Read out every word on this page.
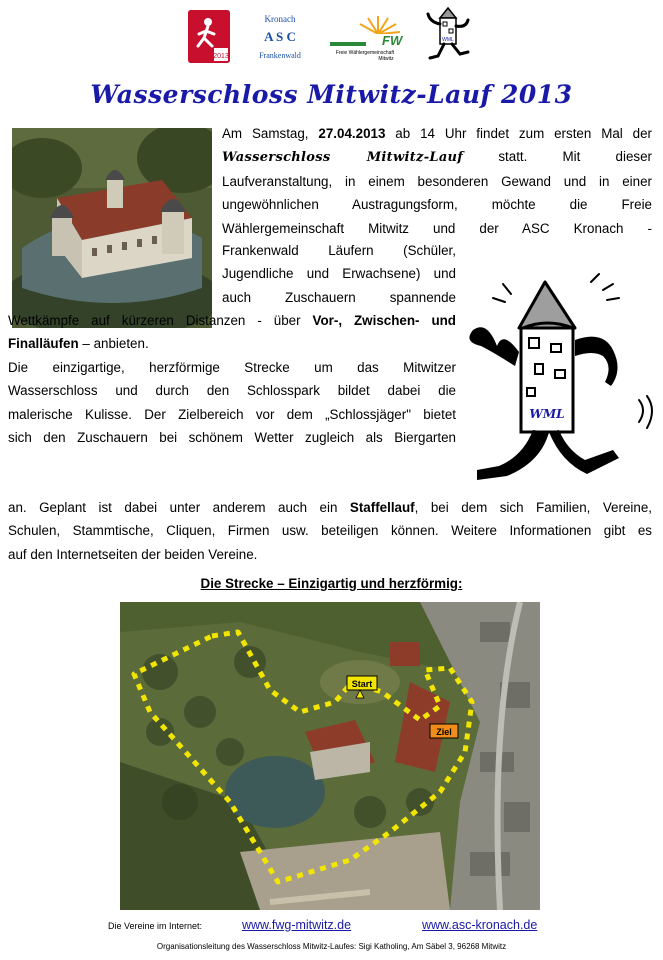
2013
Kronach
A S C
Frankenwald
FW
Freie Wählergemeinschaft
Mitwitz
WML
Wasserschloss Mitwitz-Lauf 2013

Am Samstag, 27.04.2013 ab 14 Uhr findet zum ersten Mal der

Wasserschloss Mitwitz-Lauf statt. Mit dieser

Laufveranstaltung, in einem besonderen Gewand und in einer

ungewöhnlichen Austragungsform, möchte die Freie

Wählergemeinschaft Mitwitz und der ASC Kronach -

Frankenwald Läufern (Schüler,

Jugendliche und Erwachsene) und

auch Zuschauern spannende

Wettkämpfe auf kürzeren Distanzen - über Vor-, Zwischen- und

Finalläufen – anbieten.

Die einzigartige, herzförmige Strecke um das Mitwitzer

Wasserschloss und durch den Schlosspark bildet dabei die

malerische Kulisse. Der Zielbereich vor dem „Schlossjäger" bietet

sich den Zuschauern bei schönem Wetter zugleich als Biergarten

an. Geplant ist dabei unter anderem auch ein Staffellauf, bei dem sich Familien, Vereine,

Schulen, Stammtische, Cliquen, Firmen usw. beteiligen können. Weitere Informationen gibt es

auf den Internetseiten der beiden Vereine.

WML
Die Strecke – Einzigartig und herzförmig:
Start
Ziel
Die Vereine im Internet:	www.fwg-mitwitz.de	www.asc-kronach.de
Organisationsleitung des Wasserschloss Mitwitz-Laufes: Sigi Katholing, Am Säbel 3, 96268 Mitwitz
